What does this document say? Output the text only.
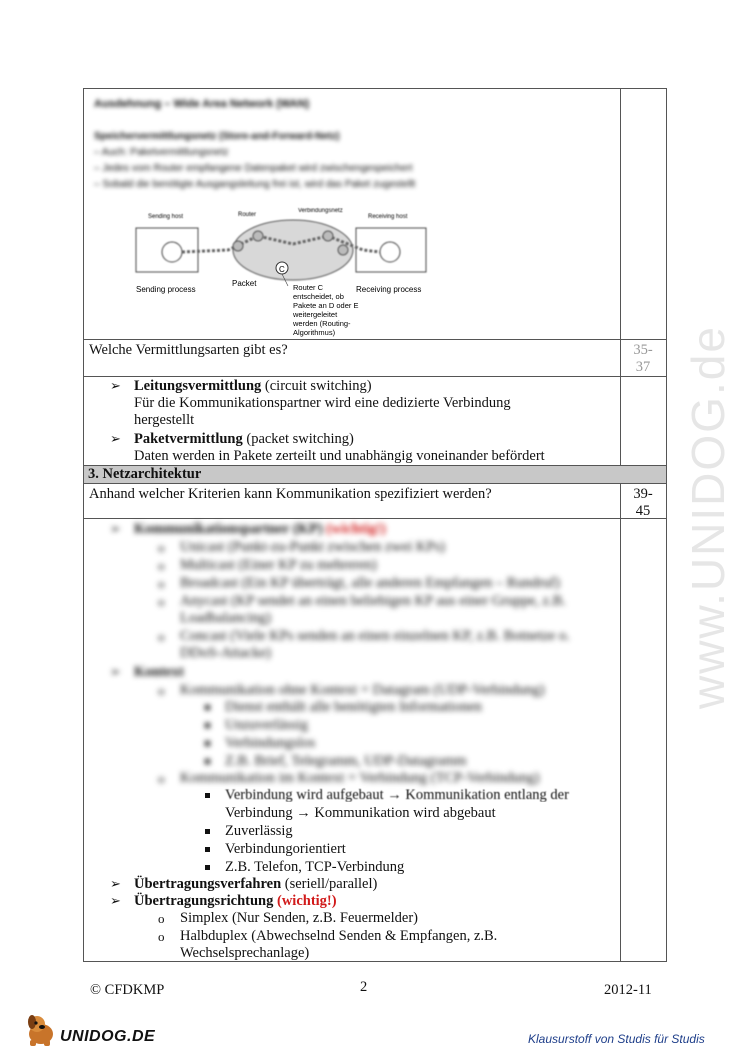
Ausdehnung – Wide Area Network (WAN)
Speichervermittlungsnetz (Store-and-Forward-Netz)
– Auch: Paketvermittlungsnetz
– Jedes vom Router empfangene Datenpaket wird zwischengespeichert
– Sobald die benötigte Ausgangsleitung frei ist, wird das Paket zugestellt
C
Sending host	Router
Verbindungsnetz
Receiving host
Sending process
Packet
Receiving process
Router C
entscheidet, ob
Pakete an D oder E
weitergeleitet
werden (Routing-
Algorithmus)
Welche Vermittlungsarten gibt es?	35-
37
➢ Leitungsvermittlung (circuit switching)
Für die Kommunikationspartner wird eine dedizierte Verbindung
hergestellt
➢ Paketvermittlung (packet switching)
Daten werden in Pakete zerteilt und unabhängig voneinander befördert
3. Netzarchitektur
Anhand welcher Kriterien kann Kommunikation spezifiziert werden?	39-
45
➢ Kommunikationspartner (KP) (wichtig!)
o Unicast (Punkt-zu-Punkt zwischen zwei KPs)
o Multicast (Einer KP zu mehreren)
o Broadcast (Ein KP überträgt, alle anderen Empfangen – Rundruf)
o Anycast (KP sendet an einen beliebigen KP aus einer Gruppe, z.B.
Loadbalancing)
o Concast (Viele KPs senden an einen einzelnen KP, z.B. Botnetze o.
DDoS-Attacke)
➢ Kontext
o Kommunikation ohne Kontext = Datagram (UDP-Verbindung)
Dienst enthält alle benötigten Informationen
Unzuverlässig
Verbindungslos
Z.B. Brief, Telegramm, UDP-Datagramm
o Kommunikation im Kontext = Verbindung (TCP-Verbindung)
Verbindung wird aufgebaut → Kommunikation entlang der
Verbindung → Kommunikation wird abgebaut
Zuverlässig
Verbindungorientiert
Z.B. Telefon, TCP-Verbindung
➢ Übertragungsverfahren (seriell/parallel)
➢ Übertragungsrichtung (wichtig!)
o Simplex (Nur Senden, z.B. Feuermelder)
o Halbduplex (Abwechselnd Senden & Empfangen, z.B.
Wechselsprechanlage)
www.UNIDOG.de
© CFDKMP	2	2012-11
UNIDOG.DE	Klausurstoff von Studis für Studis
